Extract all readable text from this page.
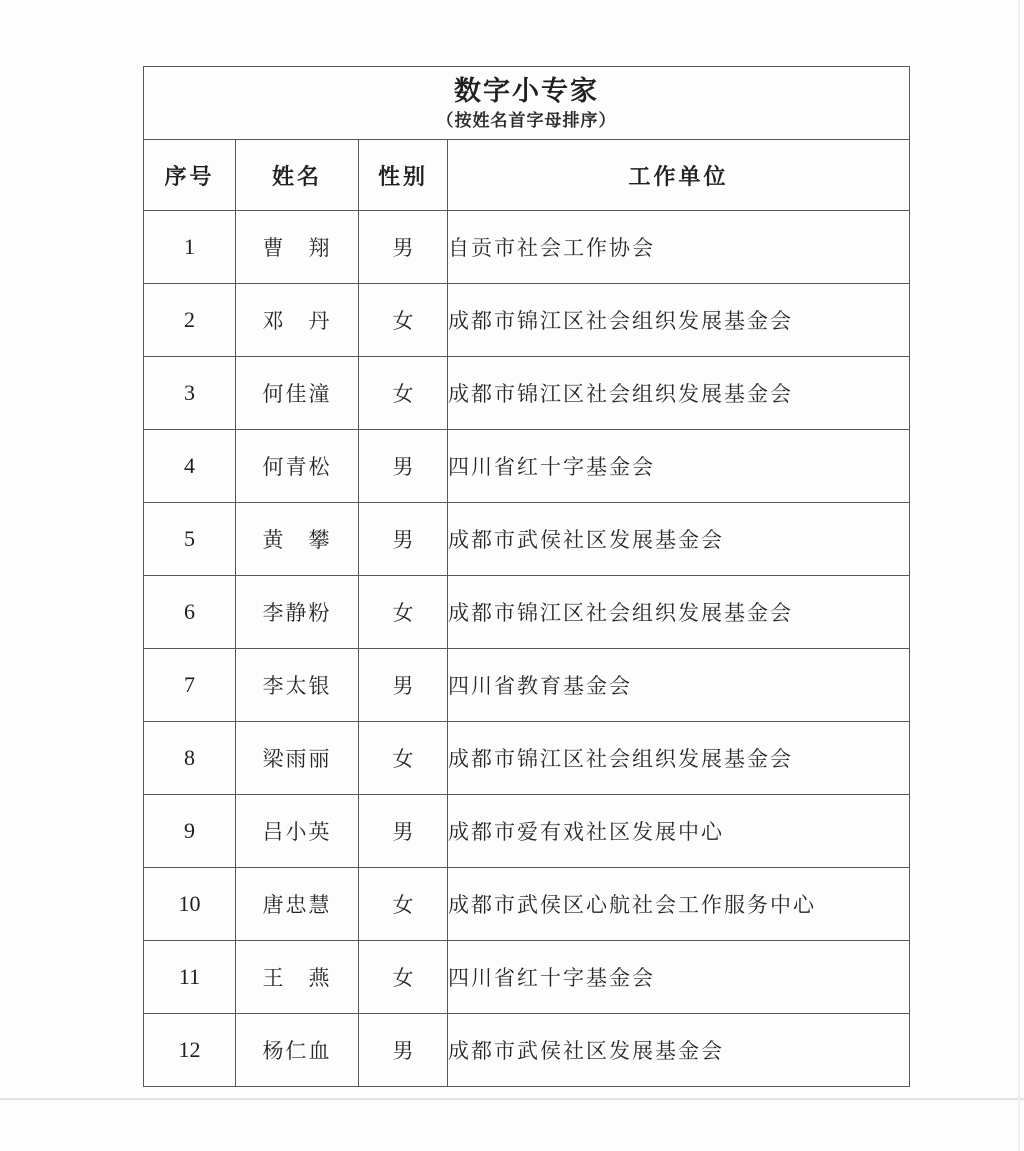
数字小专家
（按姓名首字母排序）			

序号	姓名	性别	工作单位
1	曹　翔	男	自贡市社会工作协会
2	邓　丹	女	成都市锦江区社会组织发展基金会
3	何佳潼	女	成都市锦江区社会组织发展基金会
4	何青松	男	四川省红十字基金会
5	黄　攀	男	成都市武侯社区发展基金会
6	李静粉	女	成都市锦江区社会组织发展基金会
7	李太银	男	四川省教育基金会
8	梁雨丽	女	成都市锦江区社会组织发展基金会
9	吕小英	男	成都市爱有戏社区发展中心
10	唐忠慧	女	成都市武侯区心航社会工作服务中心
11	王　燕	女	四川省红十字基金会
12	杨仁血	男	成都市武侯社区发展基金会
